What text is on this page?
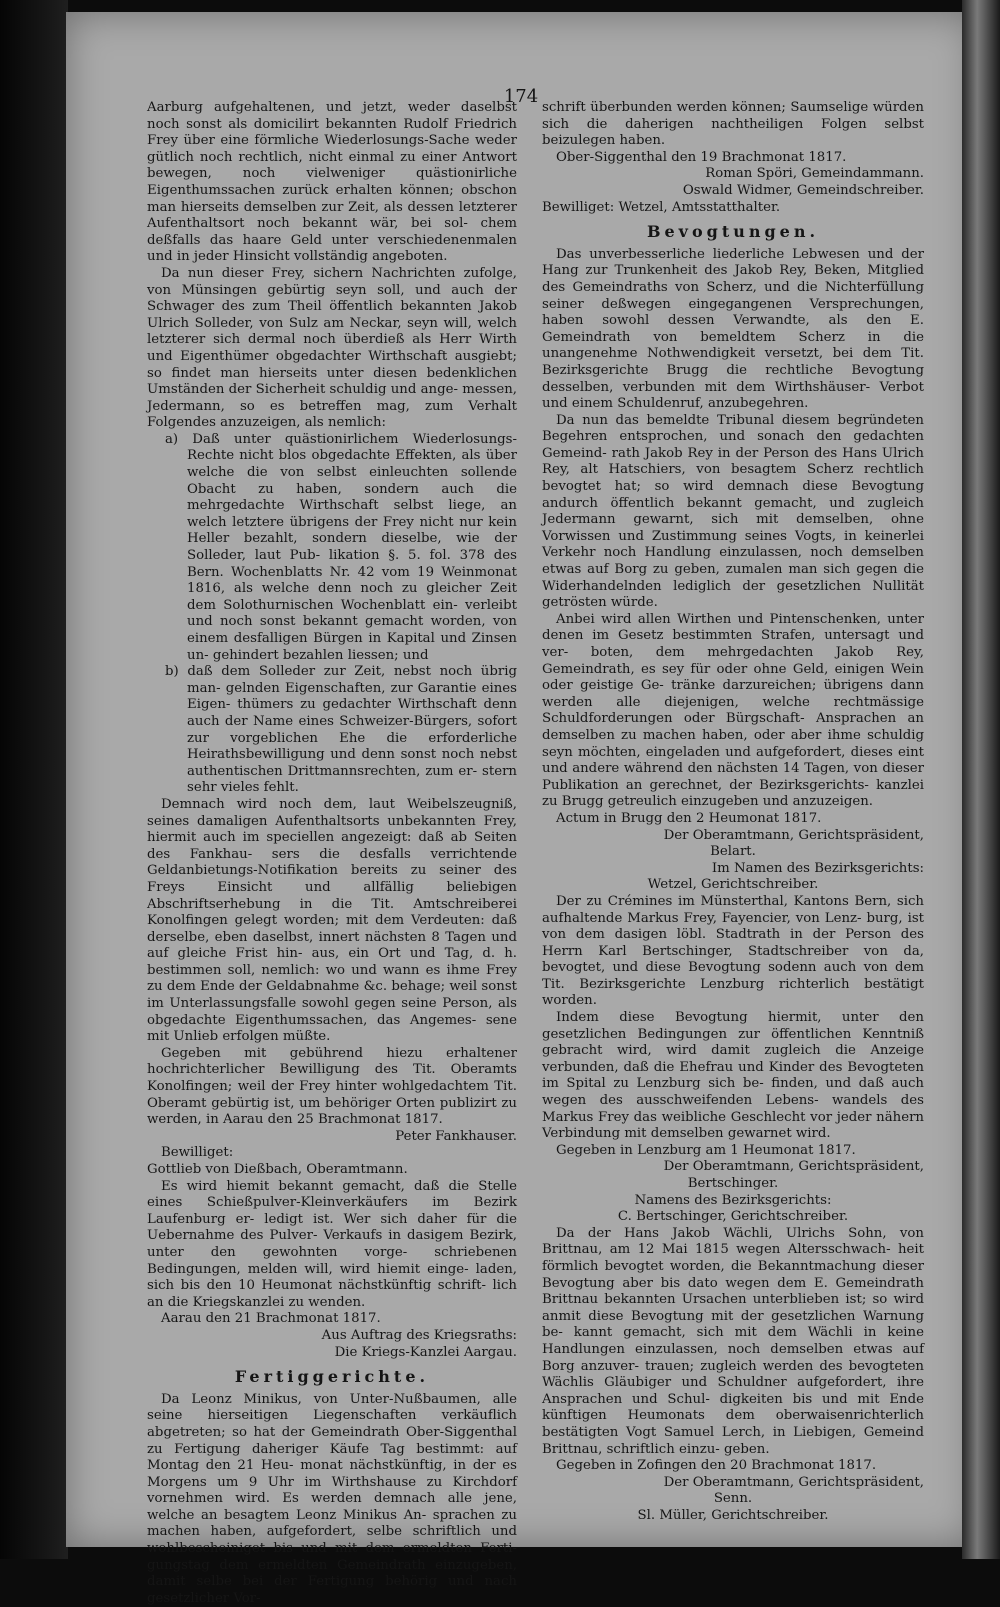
174

Aarburg aufgehaltenen, und jetzt, weder daselbst noch sonst als domicilirt bekannten Rudolf Friedrich Frey über eine förmliche Wiederlosungs-Sache weder gütlich noch rechtlich, nicht einmal zu einer Antwort bewegen, noch vielweniger quästionirliche Eigenthumssachen zurück erhalten können; obschon man hierseits demselben zur Zeit, als dessen letzterer Aufenthaltsort noch bekannt wär, bei sol- chem deßfalls das haare Geld unter verschiedenenmalen und in jeder Hinsicht vollständig angeboten.

Da nun dieser Frey, sichern Nachrichten zufolge, von Münsingen gebürtig seyn soll, und auch der Schwager des zum Theil öffentlich bekannten Jakob Ulrich Solleder, von Sulz am Neckar, seyn will, welch letzterer sich dermal noch überdieß als Herr Wirth und Eigenthümer obgedachter Wirthschaft ausgiebt; so findet man hierseits unter diesen bedenklichen Umständen der Sicherheit schuldig und ange- messen, Jedermann, so es betreffen mag, zum Verhalt Folgendes anzuzeigen, als nemlich:

a) Daß unter quästionirlichem Wiederlosungs-Rechte nicht blos obgedachte Effekten, als über welche die von selbst einleuchten sollende Obacht zu haben, sondern auch die mehrgedachte Wirthschaft selbst liege, an welch letztere übrigens der Frey nicht nur kein Heller bezahlt, sondern dieselbe, wie der Solleder, laut Pub- likation §. 5. fol. 378 des Bern. Wochenblatts Nr. 42 vom 19 Weinmonat 1816, als welche denn noch zu gleicher Zeit dem Solothurnischen Wochenblatt ein- verleibt und noch sonst bekannt gemacht worden, von einem desfalligen Bürgen in Kapital und Zinsen un- gehindert bezahlen liessen; und

b) daß dem Solleder zur Zeit, nebst noch übrig man- gelnden Eigenschaften, zur Garantie eines Eigen- thümers zu gedachter Wirthschaft denn auch der Name eines Schweizer-Bürgers, sofort zur vorgeblichen Ehe die erforderliche Heirathsbewilligung und denn sonst noch nebst authentischen Drittmannsrechten, zum er- stern sehr vieles fehlt.

Demnach wird noch dem, laut Weibelszeugniß, seines damaligen Aufenthaltsorts unbekannten Frey, hiermit auch im speciellen angezeigt: daß ab Seiten des Fankhau- sers die desfalls verrichtende Geldanbietungs-Notifikation bereits zu seiner des Freys Einsicht und allfällig beliebigen Abschriftserhebung in die Tit. Amtschreiberei Konolfingen gelegt worden; mit dem Verdeuten: daß derselbe, eben daselbst, innert nächsten 8 Tagen und auf gleiche Frist hin- aus, ein Ort und Tag, d. h. bestimmen soll, nemlich: wo und wann es ihme Frey zu dem Ende der Geldabnahme &c. behage; weil sonst im Unterlassungsfalle sowohl gegen seine Person, als obgedachte Eigenthumssachen, das Angemes- sene mit Unlieb erfolgen müßte.

Gegeben mit gebührend hiezu erhaltener hochrichterlicher Bewilligung des Tit. Oberamts Konolfingen; weil der Frey hinter wohlgedachtem Tit. Oberamt gebürtig ist, um behöriger Orten publizirt zu werden, in Aarau den 25 Brachmonat 1817.

Peter Fankhauser.

Bewilliget:

Gottlieb von Dießbach, Oberamtmann.

Es wird hiemit bekannt gemacht, daß die Stelle eines Schießpulver-Kleinverkäufers im Bezirk Laufenburg er- ledigt ist. Wer sich daher für die Uebernahme des Pulver- Verkaufs in dasigem Bezirk, unter den gewohnten vorge- schriebenen Bedingungen, melden will, wird hiemit einge- laden, sich bis den 10 Heumonat nächstkünftig schrift- lich an die Kriegskanzlei zu wenden.

Aarau den 21 Brachmonat 1817.

Aus Auftrag des Kriegsraths:

Die Kriegs-Kanzlei Aargau.

Fertiggerichte.

Da Leonz Minikus, von Unter-Nußbaumen, alle seine hierseitigen Liegenschaften verkäuflich abgetreten; so hat der Gemeindrath Ober-Siggenthal zu Fertigung daheriger Käufe Tag bestimmt: auf Montag den 21 Heu- monat nächstkünftig, in der es Morgens um 9 Uhr im Wirthshause zu Kirchdorf vornehmen wird. Es werden demnach alle jene, welche an besagtem Leonz Minikus An- sprachen zu machen haben, aufgefordert, selbe schriftlich und wohlbescheiniget bis und mit dem ermeldten Ferti- gungstag dem ermeldten Gemeindrath einzugeben, damit selbe bei der Fertigung behörig und nach gesetzlicher Vor-

schrift überbunden werden können; Saumselige würden sich die daherigen nachtheiligen Folgen selbst beizulegen haben.

Ober-Siggenthal den 19 Brachmonat 1817.

Roman Spöri, Gemeindammann.

Oswald Widmer, Gemeindschreiber.

Bewilliget: Wetzel, Amtsstatthalter.

Bevogtungen.

Das unverbesserliche liederliche Lebwesen und der Hang zur Trunkenheit des Jakob Rey, Beken, Mitglied des Gemeindraths von Scherz, und die Nichterfüllung seiner deßwegen eingegangenen Versprechungen, haben sowohl dessen Verwandte, als den E. Gemeindrath von bemeldtem Scherz in die unangenehme Nothwendigkeit versetzt, bei dem Tit. Bezirksgerichte Brugg die rechtliche Bevogtung desselben, verbunden mit dem Wirthshäuser- Verbot und einem Schuldenruf, anzubegehren.

Da nun das bemeldte Tribunal diesem begründeten Begehren entsprochen, und sonach den gedachten Gemeind- rath Jakob Rey in der Person des Hans Ulrich Rey, alt Hatschiers, von besagtem Scherz rechtlich bevogtet hat; so wird demnach diese Bevogtung andurch öffentlich bekannt gemacht, und zugleich Jedermann gewarnt, sich mit demselben, ohne Vorwissen und Zustimmung seines Vogts, in keinerlei Verkehr noch Handlung einzulassen, noch demselben etwas auf Borg zu geben, zumalen man sich gegen die Widerhandelnden lediglich der gesetzlichen Nullität getrösten würde.

Anbei wird allen Wirthen und Pintenschenken, unter denen im Gesetz bestimmten Strafen, untersagt und ver- boten, dem mehrgedachten Jakob Rey, Gemeindrath, es sey für oder ohne Geld, einigen Wein oder geistige Ge- tränke darzureichen; übrigens dann werden alle diejenigen, welche rechtmässige Schuldforderungen oder Bürgschaft- Ansprachen an demselben zu machen haben, oder aber ihme schuldig seyn möchten, eingeladen und aufgefordert, dieses eint und andere während den nächsten 14 Tagen, von dieser Publikation an gerechnet, der Bezirksgerichts- kanzlei zu Brugg getreulich einzugeben und anzuzeigen.

Actum in Brugg den 2 Heumonat 1817.

Der Oberamtmann, Gerichtspräsident,

Belart.

Im Namen des Bezirksgerichts:

Wetzel, Gerichtschreiber.

Der zu Crémines im Münsterthal, Kantons Bern, sich aufhaltende Markus Frey, Fayencier, von Lenz- burg, ist von dem dasigen löbl. Stadtrath in der Person des Herrn Karl Bertschinger, Stadtschreiber von da, bevogtet, und diese Bevogtung sodenn auch von dem Tit. Bezirksgerichte Lenzburg richterlich bestätigt worden.

Indem diese Bevogtung hiermit, unter den gesetzlichen Bedingungen zur öffentlichen Kenntniß gebracht wird, wird damit zugleich die Anzeige verbunden, daß die Ehefrau und Kinder des Bevogteten im Spital zu Lenzburg sich be- finden, und daß auch wegen des ausschweifenden Lebens- wandels des Markus Frey das weibliche Geschlecht vor jeder nähern Verbindung mit demselben gewarnet wird.

Gegeben in Lenzburg am 1 Heumonat 1817.

Der Oberamtmann, Gerichtspräsident,

Bertschinger.

Namens des Bezirksgerichts:

C. Bertschinger, Gerichtschreiber.

Da der Hans Jakob Wächli, Ulrichs Sohn, von Brittnau, am 12 Mai 1815 wegen Altersschwach- heit förmlich bevogtet worden, die Bekanntmachung dieser Bevogtung aber bis dato wegen dem E. Gemeindrath Brittnau bekannten Ursachen unterblieben ist; so wird anmit diese Bevogtung mit der gesetzlichen Warnung be- kannt gemacht, sich mit dem Wächli in keine Handlungen einzulassen, noch demselben etwas auf Borg anzuver- trauen; zugleich werden des bevogteten Wächlis Gläubiger und Schuldner aufgefordert, ihre Ansprachen und Schul- digkeiten bis und mit Ende künftigen Heumonats dem oberwaisenrichterlich bestätigten Vogt Samuel Lerch, in Liebigen, Gemeind Brittnau, schriftlich einzu- geben.

Gegeben in Zofingen den 20 Brachmonat 1817.

Der Oberamtmann, Gerichtspräsident,

Senn.

Sl. Müller, Gerichtschreiber.
